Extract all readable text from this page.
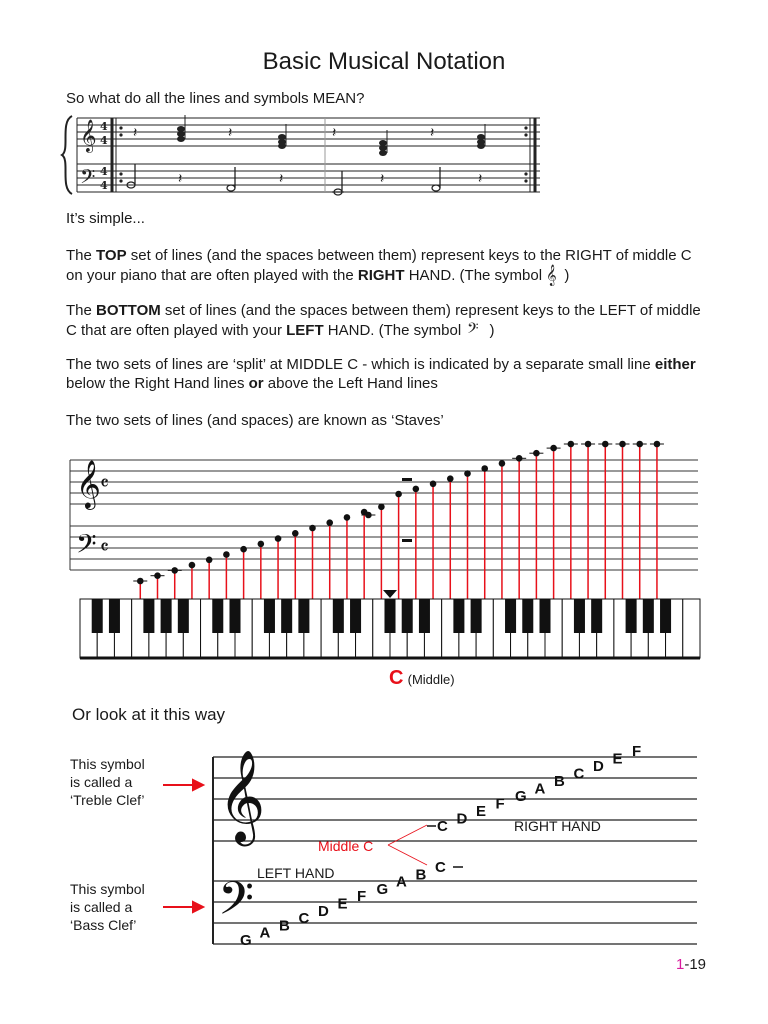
Basic Musical Notation
So what do all the lines and symbols MEAN?
𝄞
𝄢
4
4
4
4
𝄽	𝄽	𝄽	𝄽
𝄽	𝄽	𝄽	𝄽
It’s simple...
The TOP set of lines (and the spaces between them) represent keys to the RIGHT of middle C on your piano that are often played with the RIGHT HAND. (The symbol 𝄞 )
The BOTTOM set of lines (and the spaces between them) represent keys to the LEFT of middle C that are often played with your LEFT HAND. (The symbol 𝄢 )
The two sets of lines are ‘split’ at MIDDLE C - which is indicated by a separate small line either below the Right Hand lines or above the Left Hand lines
The two sets of lines (and spaces) are known as ‘Staves’
𝄞 𝄴
𝄢 𝄴
C (Middle)
Or look at it this way
This symbol
is called a
‘Treble Clef’
This symbol
is called a
‘Bass Clef’
𝄞
𝄢
C D E F G A B C D E F
G A B C D E F G A B C
RIGHT HAND
LEFT HAND
Middle C
1-19
